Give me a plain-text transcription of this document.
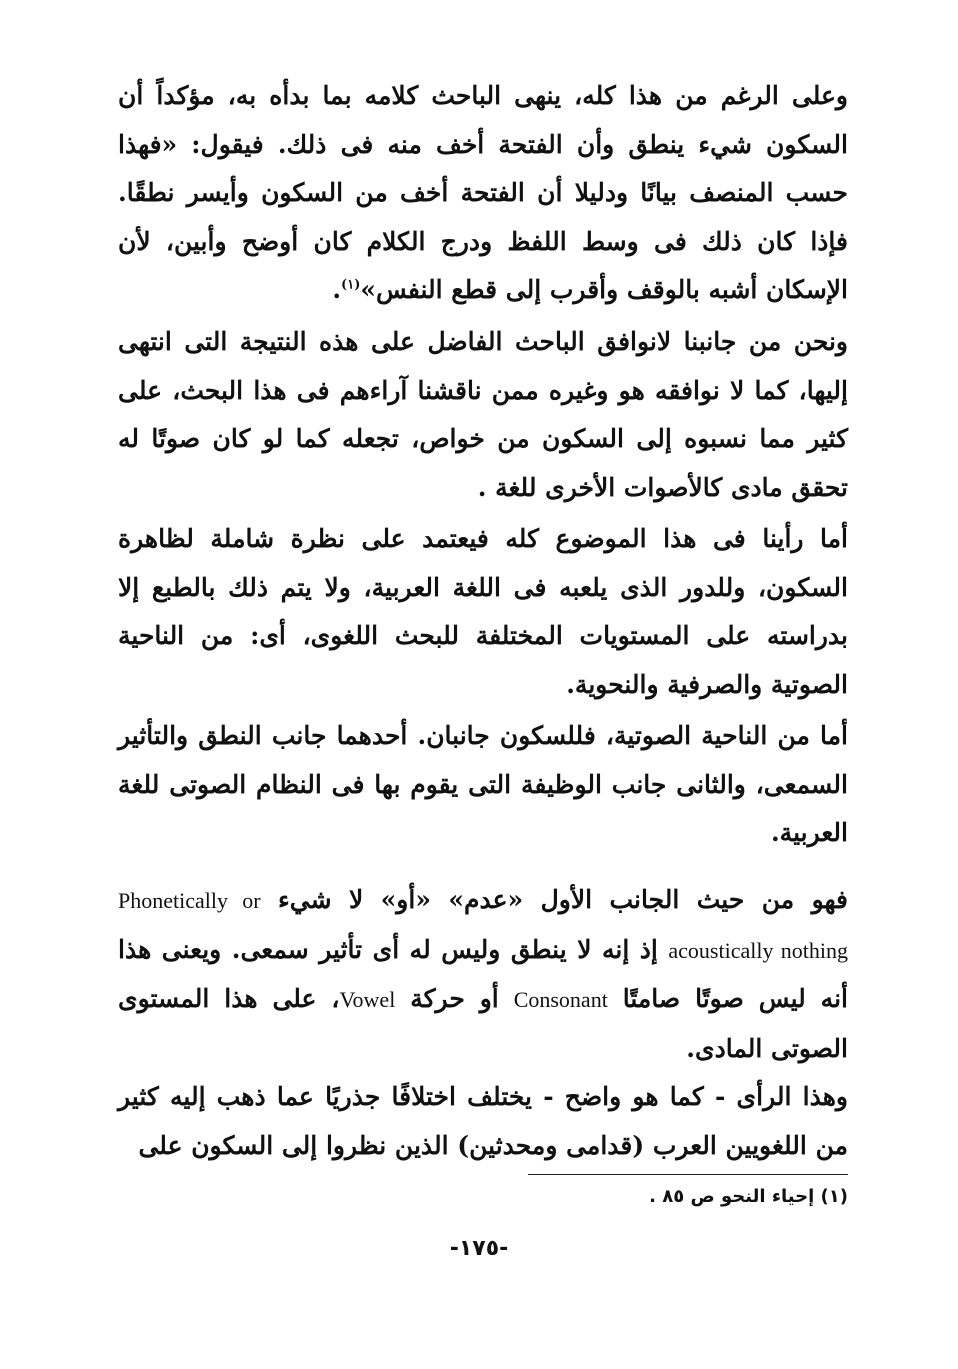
وعلى الرغم من هذا كله، ينهى الباحث كلامه بما بدأه به، مؤكداً أن السكون شيء ينطق وأن الفتحة أخف منه فى ذلك. فيقول: «فهذا حسب المنصف بيانًا ودليلا أن الفتحة أخف من السكون وأيسر نطقًا. فإذا كان ذلك فى وسط اللفظ ودرج الكلام كان أوضح وأبين، لأن الإسكان أشبه بالوقف وأقرب إلى قطع النفس»$^{(١)}$.

ونحن من جانبنا لانوافق الباحث الفاضل على هذه النتيجة التى انتهى إليها، كما لا نوافقه هو وغيره ممن ناقشنا آراءهم فى هذا البحث، على كثير مما نسبوه إلى السكون من خواص، تجعله كما لو كان صوتًا له تحقق مادى كالأصوات الأخرى للغة .

أما رأينا فى هذا الموضوع كله فيعتمد على نظرة شاملة لظاهرة السكون، وللدور الذى يلعبه فى اللغة العربية، ولا يتم ذلك بالطبع إلا بدراسته على المستويات المختلفة للبحث اللغوى، أى: من الناحية الصوتية والصرفية والنحوية.

أما من الناحية الصوتية، فللسكون جانبان. أحدهما جانب النطق والتأثير السمعى، والثانى جانب الوظيفة التى يقوم بها فى النظام الصوتى للغة العربية.

فهو من حيث الجانب الأول «عدم» «أو» لا شيء Phonetically or acoustically nothing إذ إنه لا ينطق وليس له أى تأثير سمعى. ويعنى هذا أنه ليس صوتًا صامتًا Consonant أو حركة Vowel، على هذا المستوى الصوتى المادى.

وهذا الرأى - كما هو واضح - يختلف اختلافًا جذريًا عما ذهب إليه كثير من اللغويين العرب (قدامى ومحدثين) الذين نظروا إلى السكون على

(١) إحياء النحو ص ٨٥ .
-١٧٥-
